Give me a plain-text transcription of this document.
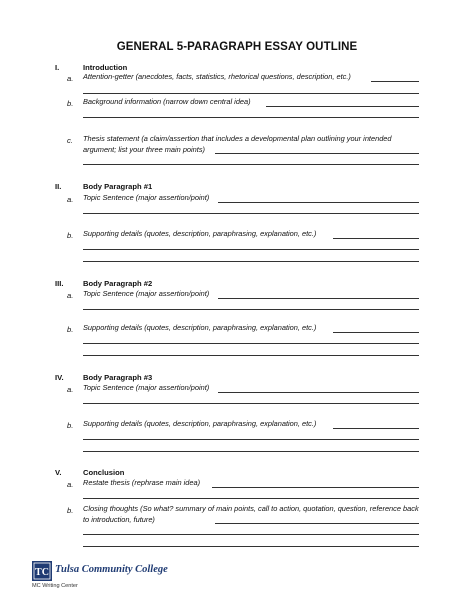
GENERAL 5-PARAGRAPH ESSAY OUTLINE
I.	Introduction
a. Attention-getter (anecdotes, facts, statistics, rhetorical questions, description, etc.)
b. Background information (narrow down central idea)
c. Thesis statement (a claim/assertion that includes a developmental plan outlining your intended argument; list your three main points)
II.	Body Paragraph #1
a. Topic Sentence (major assertion/point)
b. Supporting details (quotes, description, paraphrasing, explanation, etc.)
III.	Body Paragraph #2
a. Topic Sentence (major assertion/point)
b. Supporting details (quotes, description, paraphrasing, explanation, etc.)
IV.	Body Paragraph #3
a. Topic Sentence (major assertion/point)
b. Supporting details (quotes, description, paraphrasing, explanation, etc.)
V.	Conclusion
a. Restate thesis (rephrase main idea)
b. Closing thoughts (So what? summary of main points, call to action, quotation, question, reference back to introduction, future)
TC Tulsa Community College
MC Writing Center
